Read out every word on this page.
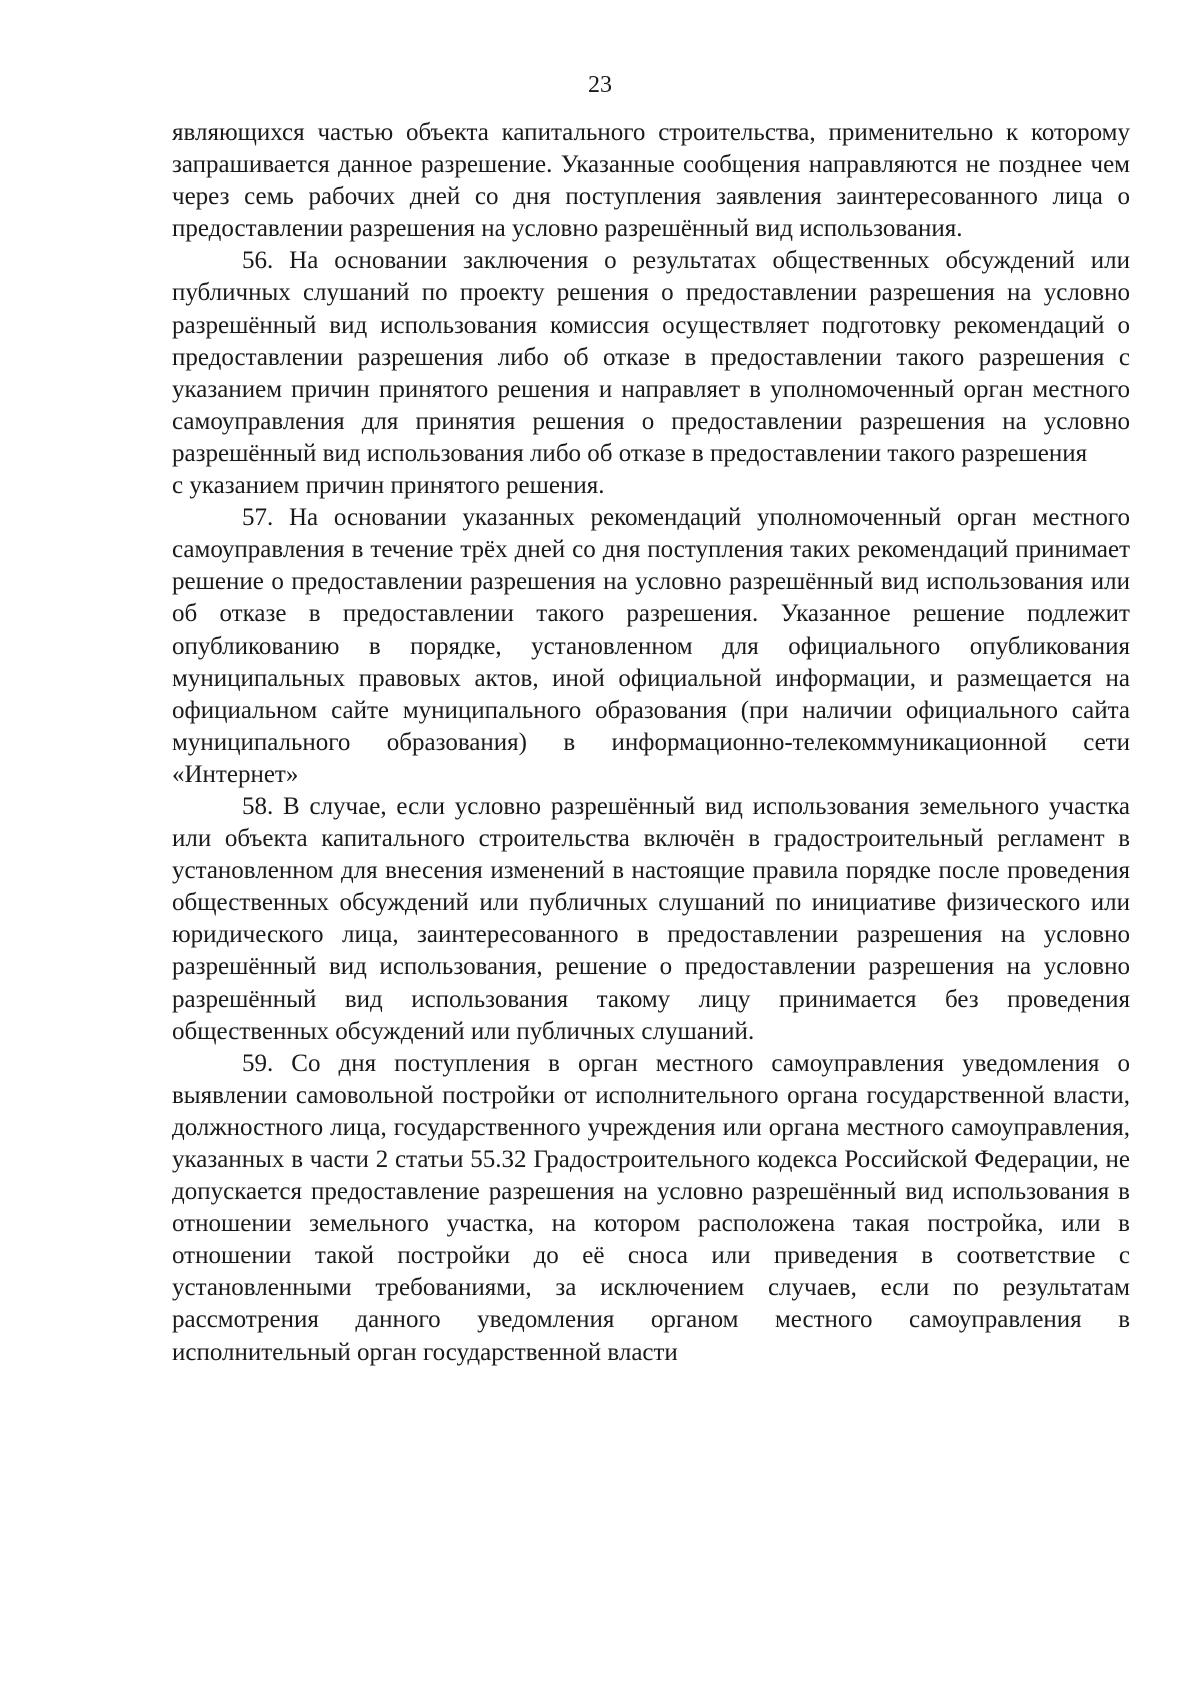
23

являющихся частью объекта капитального строительства, применительно к которому запрашивается данное разрешение. Указанные сообщения направляются не позднее чем через семь рабочих дней со дня поступления заявления заинтересованного лица о предоставлении разрешения на условно разрешённый вид использования.

56. На основании заключения о результатах общественных обсуждений или публичных слушаний по проекту решения о предоставлении разрешения на условно разрешённый вид использования комиссия осуществляет подготовку рекомендаций о предоставлении разрешения либо об отказе в предоставлении такого разрешения с указанием причин принятого решения и направляет в уполномоченный орган местного самоуправления для принятия решения о предоставлении разрешения на условно разрешённый вид использования либо об отказе в предоставлении такого разрешения

с указанием причин принятого решения.

57. На основании указанных рекомендаций уполномоченный орган местного самоуправления в течение трёх дней со дня поступления таких рекомендаций принимает решение о предоставлении разрешения на условно разрешённый вид использования или об отказе в предоставлении такого разрешения. Указанное решение подлежит опубликованию в порядке, установленном для официального опубликования муниципальных правовых актов, иной официальной информации, и размещается на официальном сайте муниципального образования (при наличии официального сайта муниципального образования) в информационно-телекоммуникационной сети «Интернет»

58. В случае, если условно разрешённый вид использования земельного участка или объекта капитального строительства включён в градостроительный регламент в установленном для внесения изменений в настоящие правила порядке после проведения общественных обсуждений или публичных слушаний по инициативе физического или юридического лица, заинтересованного в предоставлении разрешения на условно разрешённый вид использования, решение о предоставлении разрешения на условно разрешённый вид использования такому лицу принимается без проведения общественных обсуждений или публичных слушаний.

59. Со дня поступления в орган местного самоуправления уведомления о выявлении самовольной постройки от исполнительного органа государственной власти, должностного лица, государственного учреждения или органа местного самоуправления, указанных в части 2 статьи 55.32 Градостроительного кодекса Российской Федерации, не допускается предоставление разрешения на условно разрешённый вид использования в отношении земельного участка, на котором расположена такая постройка, или в отношении такой постройки до её сноса или приведения в соответствие с установленными требованиями, за исключением случаев, если по результатам рассмотрения данного уведомления органом местного самоуправления в исполнительный орган государственной власти
